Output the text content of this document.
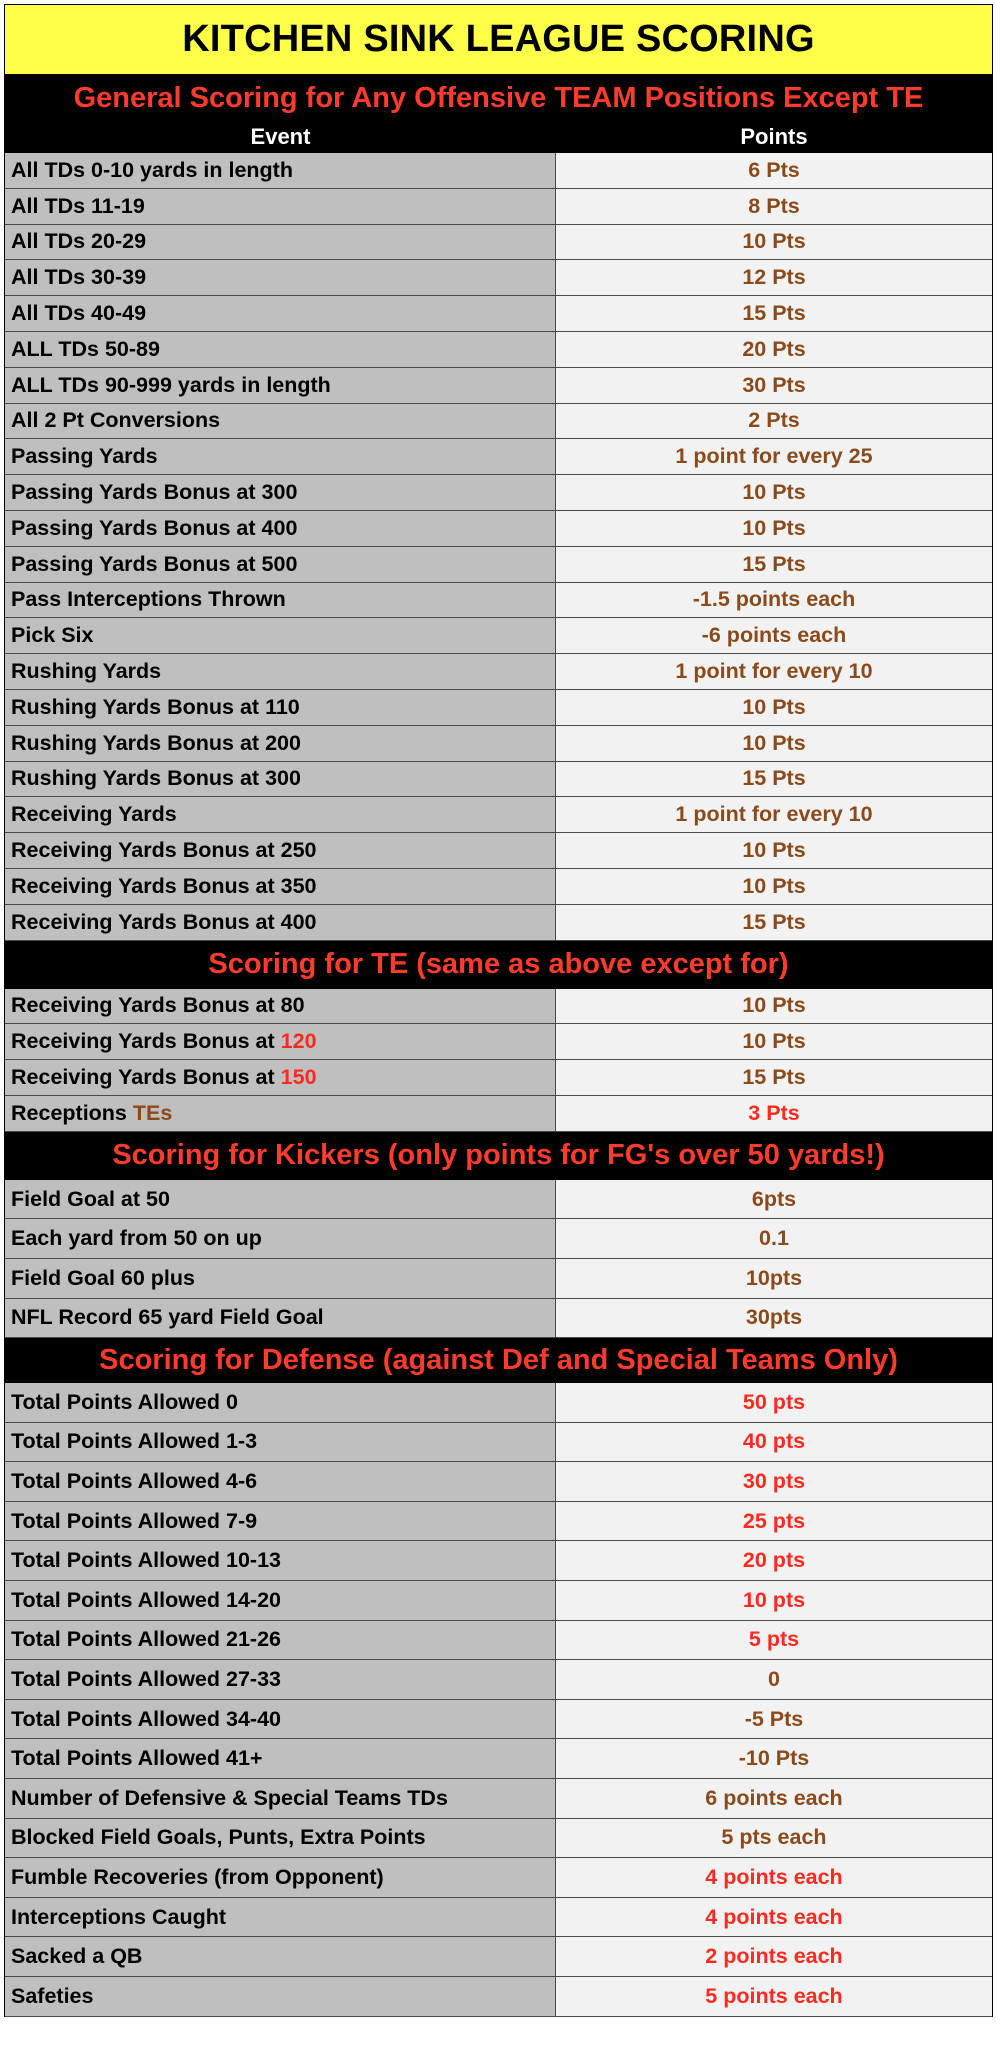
KITCHEN SINK LEAGUE SCORING
General Scoring for Any Offensive TEAM Positions Except TE
Event	Points
All TDs 0-10 yards in length	6 Pts
All TDs 11-19	8 Pts
All TDs 20-29	10 Pts
All TDs 30-39	12 Pts
All TDs 40-49	15 Pts
ALL TDs 50-89	20 Pts
ALL TDs 90-999 yards in length	30 Pts
All 2 Pt Conversions	2 Pts
Passing Yards	1 point for every 25
Passing Yards Bonus at 300	10 Pts
Passing Yards Bonus at 400	10 Pts
Passing Yards Bonus at 500	15 Pts
Pass Interceptions Thrown	-1.5 points each
Pick Six	-6 points each
Rushing Yards	1 point for every 10
Rushing Yards Bonus at 110	10 Pts
Rushing Yards Bonus at 200	10 Pts
Rushing Yards Bonus at 300	15 Pts
Receiving Yards	1 point for every 10
Receiving Yards Bonus at 250	10 Pts
Receiving Yards Bonus at 350	10 Pts
Receiving Yards Bonus at 400	15 Pts
Scoring for TE (same as above except for)
Receiving Yards Bonus at 80	10 Pts
Receiving Yards Bonus at 120	10 Pts
Receiving Yards Bonus at 150	15 Pts
Receptions TEs	3 Pts
Scoring for Kickers (only points for FG's over 50 yards!)
Field Goal at 50	6pts
Each yard from 50 on up	0.1
Field Goal 60 plus	10pts
NFL Record 65 yard Field Goal	30pts
Scoring for Defense (against Def and Special Teams Only)
Total Points Allowed 0	50 pts
Total Points Allowed 1-3	40 pts
Total Points Allowed 4-6	30 pts
Total Points Allowed 7-9	25 pts
Total Points Allowed 10-13	20 pts
Total Points Allowed 14-20	10 pts
Total Points Allowed 21-26	5 pts
Total Points Allowed 27-33	0
Total Points Allowed 34-40	-5 Pts
Total Points Allowed 41+	-10 Pts
Number of Defensive & Special Teams TDs	6 points each
Blocked Field Goals, Punts, Extra Points	5 pts each
Fumble Recoveries (from Opponent)	4 points each
Interceptions Caught	4 points each
Sacked a QB	2 points each
Safeties	5 points each
